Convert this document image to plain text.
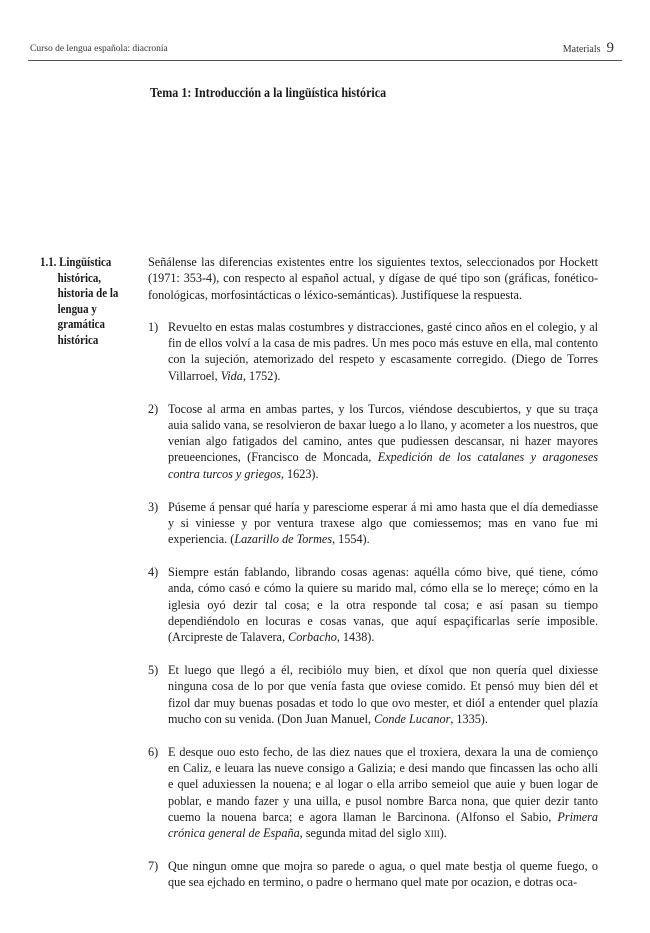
Curso de lengua española: diacronía	Materials 9
Tema 1: Introducción a la lingüística histórica
1.1. Lingüística
histórica,
historia de la
lengua y
gramática
histórica

Señálense las diferencias existentes entre los siguientes textos, seleccionados por Hockett (1971: 353-4), con respecto al español actual, y dígase de qué tipo son (gráficas, fonético-fonológicas, morfosintácticas o léxico-semánticas). Justifíquese la respuesta.

1) Revuelto en estas malas costumbres y distracciones, gasté cinco años en el colegio, y al fin de ellos volví a la casa de mis padres. Un mes poco más estuve en ella, mal contento con la sujeción, atemorizado del respeto y escasamente corregido. (Diego de Torres Villarroel, Vida, 1752).
2) Tocose al arma en ambas partes, y los Turcos, viéndose descubiertos, y que su traça auia salido vana, se resolvieron de baxar luego a lo llano, y acometer a los nuestros, que venian algo fatigados del camino, antes que pudiessen descansar, ni hazer mayores preueenciones, (Francisco de Moncada, Expedición de los catalanes y aragoneses contra turcos y griegos, 1623).
3) Púseme á pensar qué haría y paresciome esperar á mi amo hasta que el día demediasse y si viniesse y por ventura traxese algo que comiessemos; mas en vano fue mi experiencia. (Lazarillo de Tormes, 1554).
4) Siempre están fablando, librando cosas agenas: aquélla cómo bive, qué tiene, cómo anda, cómo casó e cómo la quiere su marido mal, cómo ella se lo mereçe; cómo en la iglesia oyó dezir tal cosa; e la otra responde tal cosa; e así pasan su tiempo dependiéndolo en locuras e cosas vanas, que aquí espaçificarlas seríe imposible. (Arcipreste de Talavera, Corbacho, 1438).
5) Et luego que llegó a él, recibiólo muy bien, et díxol que non quería quel dixiesse ninguna cosa de lo por que venía fasta que oviese comido. Et pensó muy bien dél et fizol dar muy buenas posadas et todo lo que ovo mester, et dióI a entender quel plazía mucho con su venida. (Don Juan Manuel, Conde Lucanor, 1335).
6) E desque ouo esto fecho, de las diez naues que el troxiera, dexara la una de comienço en Caliz, e leuara las nueve consigo a Galizia; e desi mando que fincassen las ocho alli e quel aduxiessen la nouena; e al logar o ella arribo semeiol que auie y buen logar de poblar, e mando fazer y una uilla, e pusol nombre Barca nona, que quier dezir tanto cuemo la nouena barca; e agora llaman le Barcinona. (Alfonso el Sabio, Primera crónica general de España, segunda mitad del siglo xiii).
7) Que ningun omne que mojra so parede o agua, o quel mate bestja ol queme fuego, o que sea ejchado en termino, o padre o hermano quel mate por ocazion, e dotras oca-
